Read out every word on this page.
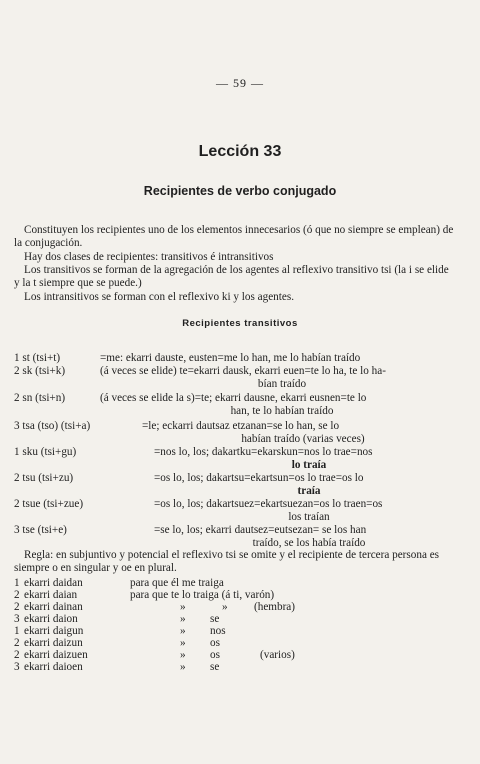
— 59 —
Lección 33
Recipientes de verbo conjugado
Constituyen los recipientes uno de los elementos innecesarios (ó que no siempre se emplean) de la conjugación.
Hay dos clases de recipientes: transitivos é intransitivos
Los transitivos se forman de la agregación de los agentes al reflexivo transitivo tsi (la i se elide y la t siempre que se puede.)
Los intransitivos se forman con el reflexivo ki y los agentes.
Recipientes transitivos
1 st (tsi+t)	=me: ekarri dauste, eusten=me lo han, me lo habían traído
2 sk (tsi+k)	(á veces se elide) te=ekarri dausk, ekarri euen=te lo ha, te lo ha-
bían traído
2 sn (tsi+n)	(á veces se elide la s)=te; ekarri dausne, ekarri eusnen=te lo
han, te lo habían traído
3 tsa (tso) (tsi+a)	=le; eckarri dautsaz etzanan=se lo han, se lo
habían traído (varias veces)
1 sku (tsi+gu)	=nos lo, los; dakartku=ekarskun=nos lo trae=nos
lo traía
2 tsu (tsi+zu)	=os lo, los; dakartsu=ekartsun=os lo trae=os lo
traía
2 tsue (tsi+zue)	=os lo, los; dakartsuez=ekartsuezan=os lo traen=os
los traían
3 tse (tsi+e)	=se lo, los; ekarri dautsez=eutsezan= se los han
traído, se los había traído
Regla: en subjuntivo y potencial el reflexivo tsi se omite y el recipiente de tercera persona es siempre o en singular y oe en plural.
1 ekarri daidan	para que él me traiga
2 ekarri daian	para que te lo traiga (á ti, varón)
2 ekarri dainan	»	» (hembra)
3 ekarri daion	» se
1 ekarri daigun	» nos
2 ekarri daizun	» os
2 ekarri daizuen	» os	(varios)
3 ekarri daioen	» se
